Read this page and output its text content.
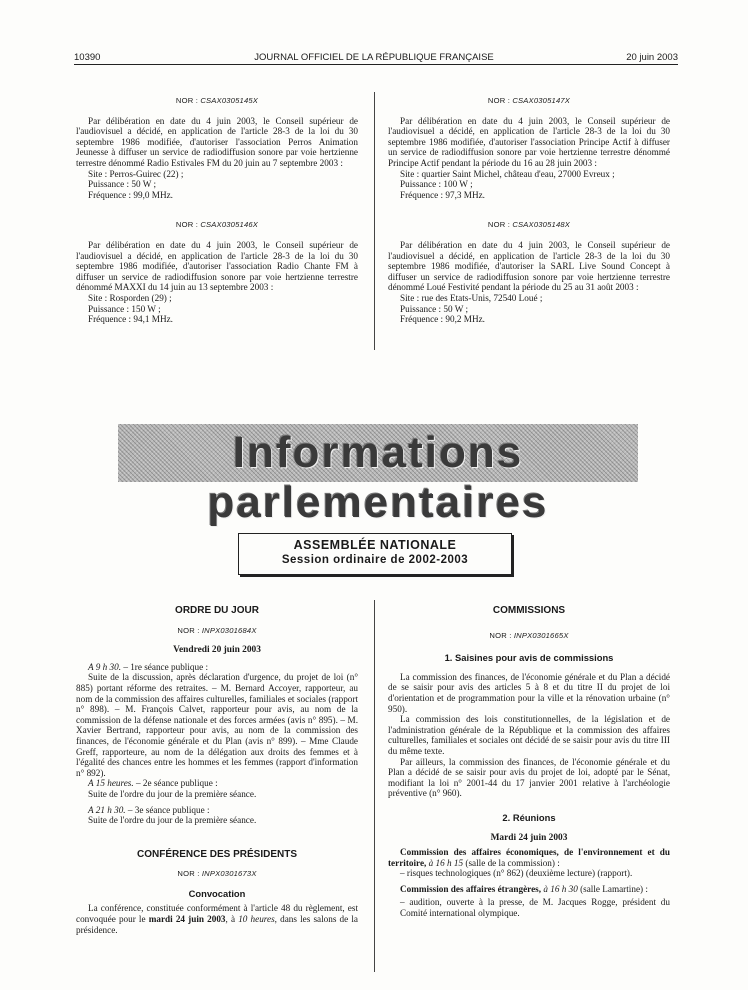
10390	JOURNAL OFFICIEL DE LA RÉPUBLIQUE FRANÇAISE	20 juin 2003
NOR : CSAX0305145X

Par délibération en date du 4 juin 2003, le Conseil supérieur de l'audiovisuel a décidé, en application de l'article 28-3 de la loi du 30 septembre 1986 modifiée, d'autoriser l'association Perros Animation Jeunesse à diffuser un service de radiodiffusion sonore par voie hertzienne terrestre dénommé Radio Estivales FM du 20 juin au 7 septembre 2003 :

Site : Perros-Guirec (22) ;

Puissance : 50 W ;

Fréquence : 99,0 MHz.

NOR : CSAX0305146X

Par délibération en date du 4 juin 2003, le Conseil supérieur de l'audiovisuel a décidé, en application de l'article 28-3 de la loi du 30 septembre 1986 modifiée, d'autoriser l'association Radio Chante FM à diffuser un service de radiodiffusion sonore par voie hertzienne terrestre dénommé MAXXI du 14 juin au 13 septembre 2003 :

Site : Rosporden (29) ;

Puissance : 150 W ;

Fréquence : 94,1 MHz.

NOR : CSAX0305147X

Par délibération en date du 4 juin 2003, le Conseil supérieur de l'audiovisuel a décidé, en application de l'article 28-3 de la loi du 30 septembre 1986 modifiée, d'autoriser l'association Principe Actif à diffuser un service de radiodiffusion sonore par voie hertzienne terrestre dénommé Principe Actif pendant la période du 16 au 28 juin 2003 :

Site : quartier Saint Michel, château d'eau, 27000 Evreux ;

Puissance : 100 W ;

Fréquence : 97,3 MHz.

NOR : CSAX0305148X

Par délibération en date du 4 juin 2003, le Conseil supérieur de l'audiovisuel a décidé, en application de l'article 28-3 de la loi du 30 septembre 1986 modifiée, d'autoriser la SARL Live Sound Concept à diffuser un service de radiodiffusion sonore par voie hertzienne terrestre dénommé Loué Festivité pendant la période du 25 au 31 août 2003 :

Site : rue des Etats-Unis, 72540 Loué ;

Puissance : 50 W ;

Fréquence : 90,2 MHz.

Informations parlementaires
ASSEMBLÉE NATIONALE
Session ordinaire de 2002-2003
ORDRE DU JOUR
NOR : INPX0301684X
Vendredi 20 juin 2003

A 9 h 30. – 1re séance publique :

Suite de la discussion, après déclaration d'urgence, du projet de loi (n° 885) portant réforme des retraites. – M. Bernard Accoyer, rapporteur, au nom de la commission des affaires culturelles, familiales et sociales (rapport n° 898). – M. François Calvet, rapporteur pour avis, au nom de la commission de la défense nationale et des forces armées (avis n° 895). – M. Xavier Bertrand, rapporteur pour avis, au nom de la commission des finances, de l'économie générale et du Plan (avis n° 899). – Mme Claude Greff, rapporteure, au nom de la délégation aux droits des femmes et à l'égalité des chances entre les hommes et les femmes (rapport d'information n° 892).

A 15 heures. – 2e séance publique :

Suite de l'ordre du jour de la première séance.

A 21 h 30. – 3e séance publique :

Suite de l'ordre du jour de la première séance.

CONFÉRENCE DES PRÉSIDENTS
NOR : INPX0301673X
Convocation

La conférence, constituée conformément à l'article 48 du règlement, est convoquée pour le mardi 24 juin 2003, à 10 heures, dans les salons de la présidence.

COMMISSIONS
NOR : INPX0301665X
1. Saisines pour avis de commissions

La commission des finances, de l'économie générale et du Plan a décidé de se saisir pour avis des articles 5 à 8 et du titre II du projet de loi d'orientation et de programmation pour la ville et la rénovation urbaine (n° 950).

La commission des lois constitutionnelles, de la législation et de l'administration générale de la République et la commission des affaires culturelles, familiales et sociales ont décidé de se saisir pour avis du titre III du même texte.

Par ailleurs, la commission des finances, de l'économie générale et du Plan a décidé de se saisir pour avis du projet de loi, adopté par le Sénat, modifiant la loi n° 2001-44 du 17 janvier 2001 relative à l'archéologie préventive (n° 960).

2. Réunions
Mardi 24 juin 2003

Commission des affaires économiques, de l'environnement et du territoire, à 16 h 15 (salle de la commission) :

– risques technologiques (n° 862) (deuxième lecture) (rapport).

Commission des affaires étrangères, à 16 h 30 (salle Lamartine) :

– audition, ouverte à la presse, de M. Jacques Rogge, président du Comité international olympique.
